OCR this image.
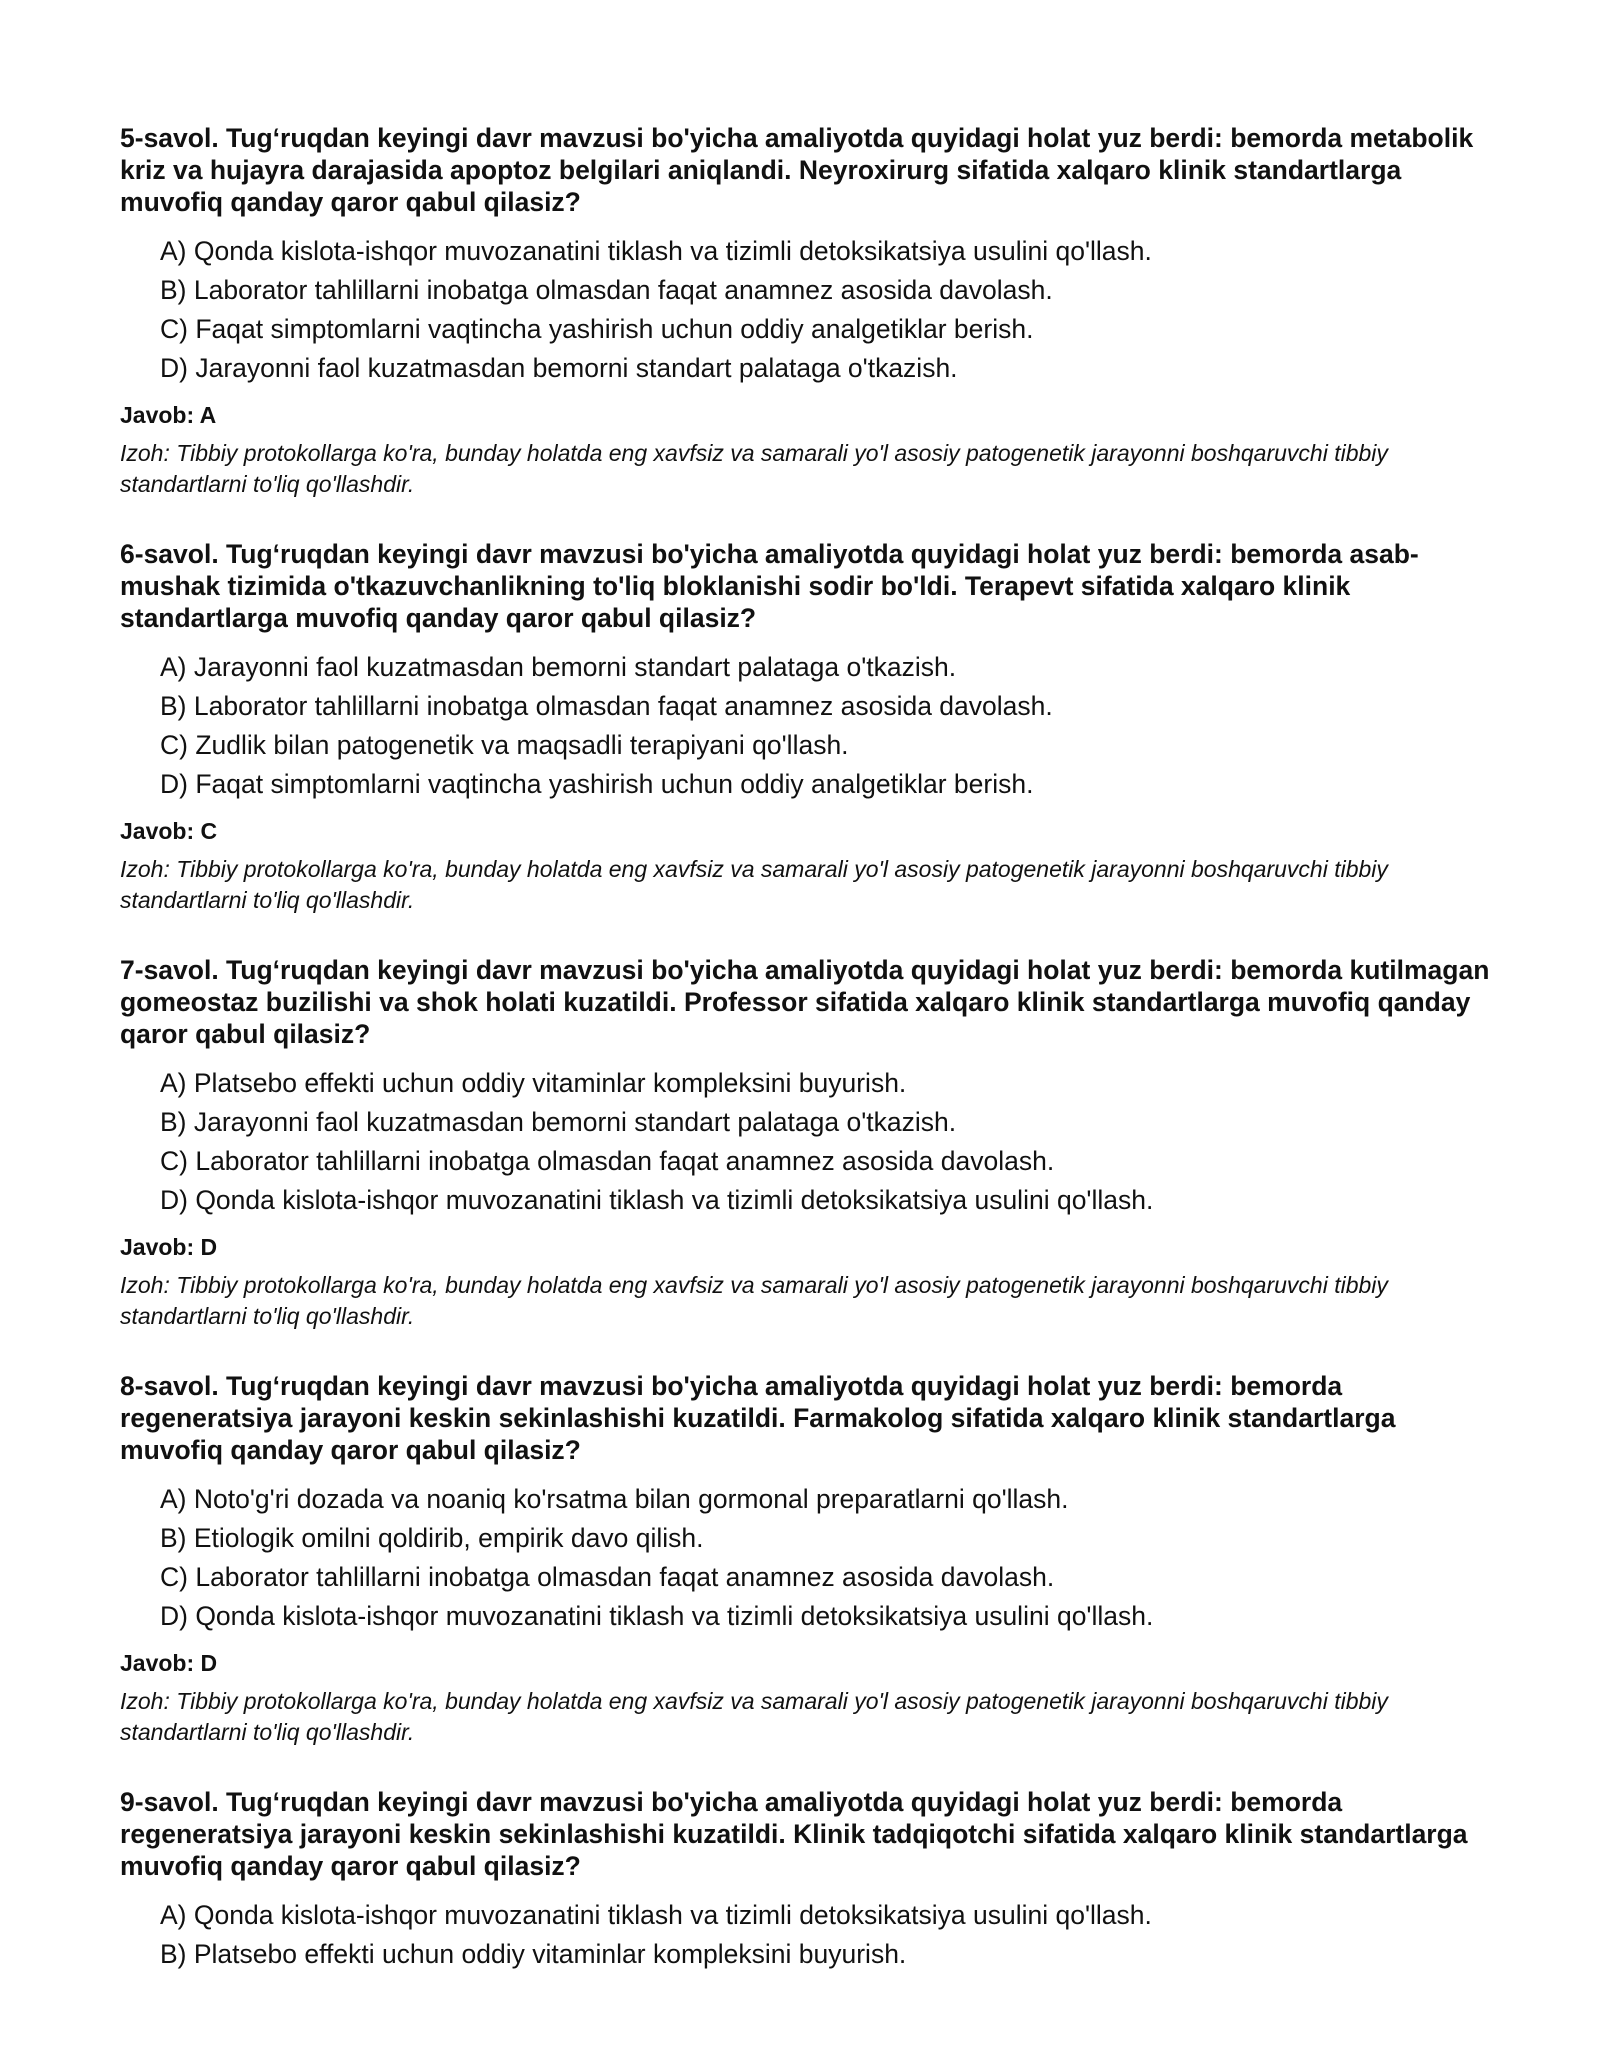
5-savol. Tug‘ruqdan keyingi davr mavzusi bo'yicha amaliyotda quyidagi holat yuz berdi: bemorda metabolik kriz va hujayra darajasida apoptoz belgilari aniqlandi. Neyroxirurg sifatida xalqaro klinik standartlarga muvofiq qanday qaror qabul qilasiz?

A) Qonda kislota-ishqor muvozanatini tiklash va tizimli detoksikatsiya usulini qo'llash.
B) Laborator tahlillarni inobatga olmasdan faqat anamnez asosida davolash.
C) Faqat simptomlarni vaqtincha yashirish uchun oddiy analgetiklar berish.
D) Jarayonni faol kuzatmasdan bemorni standart palataga o'tkazish.

Javob: A

Izoh: Tibbiy protokollarga ko'ra, bunday holatda eng xavfsiz va samarali yo'l asosiy patogenetik jarayonni boshqaruvchi tibbiy standartlarni to'liq qo'llashdir.

6-savol. Tug‘ruqdan keyingi davr mavzusi bo'yicha amaliyotda quyidagi holat yuz berdi: bemorda asab-mushak tizimida o'tkazuvchanlikning to'liq bloklanishi sodir bo'ldi. Terapevt sifatida xalqaro klinik standartlarga muvofiq qanday qaror qabul qilasiz?

A) Jarayonni faol kuzatmasdan bemorni standart palataga o'tkazish.
B) Laborator tahlillarni inobatga olmasdan faqat anamnez asosida davolash.
C) Zudlik bilan patogenetik va maqsadli terapiyani qo'llash.
D) Faqat simptomlarni vaqtincha yashirish uchun oddiy analgetiklar berish.

Javob: C

Izoh: Tibbiy protokollarga ko'ra, bunday holatda eng xavfsiz va samarali yo'l asosiy patogenetik jarayonni boshqaruvchi tibbiy standartlarni to'liq qo'llashdir.

7-savol. Tug‘ruqdan keyingi davr mavzusi bo'yicha amaliyotda quyidagi holat yuz berdi: bemorda kutilmagan gomeostaz buzilishi va shok holati kuzatildi. Professor sifatida xalqaro klinik standartlarga muvofiq qanday qaror qabul qilasiz?

A) Platsebo effekti uchun oddiy vitaminlar kompleksini buyurish.
B) Jarayonni faol kuzatmasdan bemorni standart palataga o'tkazish.
C) Laborator tahlillarni inobatga olmasdan faqat anamnez asosida davolash.
D) Qonda kislota-ishqor muvozanatini tiklash va tizimli detoksikatsiya usulini qo'llash.

Javob: D

Izoh: Tibbiy protokollarga ko'ra, bunday holatda eng xavfsiz va samarali yo'l asosiy patogenetik jarayonni boshqaruvchi tibbiy standartlarni to'liq qo'llashdir.

8-savol. Tug‘ruqdan keyingi davr mavzusi bo'yicha amaliyotda quyidagi holat yuz berdi: bemorda regeneratsiya jarayoni keskin sekinlashishi kuzatildi. Farmakolog sifatida xalqaro klinik standartlarga muvofiq qanday qaror qabul qilasiz?

A) Noto'g'ri dozada va noaniq ko'rsatma bilan gormonal preparatlarni qo'llash.
B) Etiologik omilni qoldirib, empirik davo qilish.
C) Laborator tahlillarni inobatga olmasdan faqat anamnez asosida davolash.
D) Qonda kislota-ishqor muvozanatini tiklash va tizimli detoksikatsiya usulini qo'llash.

Javob: D

Izoh: Tibbiy protokollarga ko'ra, bunday holatda eng xavfsiz va samarali yo'l asosiy patogenetik jarayonni boshqaruvchi tibbiy standartlarni to'liq qo'llashdir.

9-savol. Tug‘ruqdan keyingi davr mavzusi bo'yicha amaliyotda quyidagi holat yuz berdi: bemorda regeneratsiya jarayoni keskin sekinlashishi kuzatildi. Klinik tadqiqotchi sifatida xalqaro klinik standartlarga muvofiq qanday qaror qabul qilasiz?

A) Qonda kislota-ishqor muvozanatini tiklash va tizimli detoksikatsiya usulini qo'llash.
B) Platsebo effekti uchun oddiy vitaminlar kompleksini buyurish.
